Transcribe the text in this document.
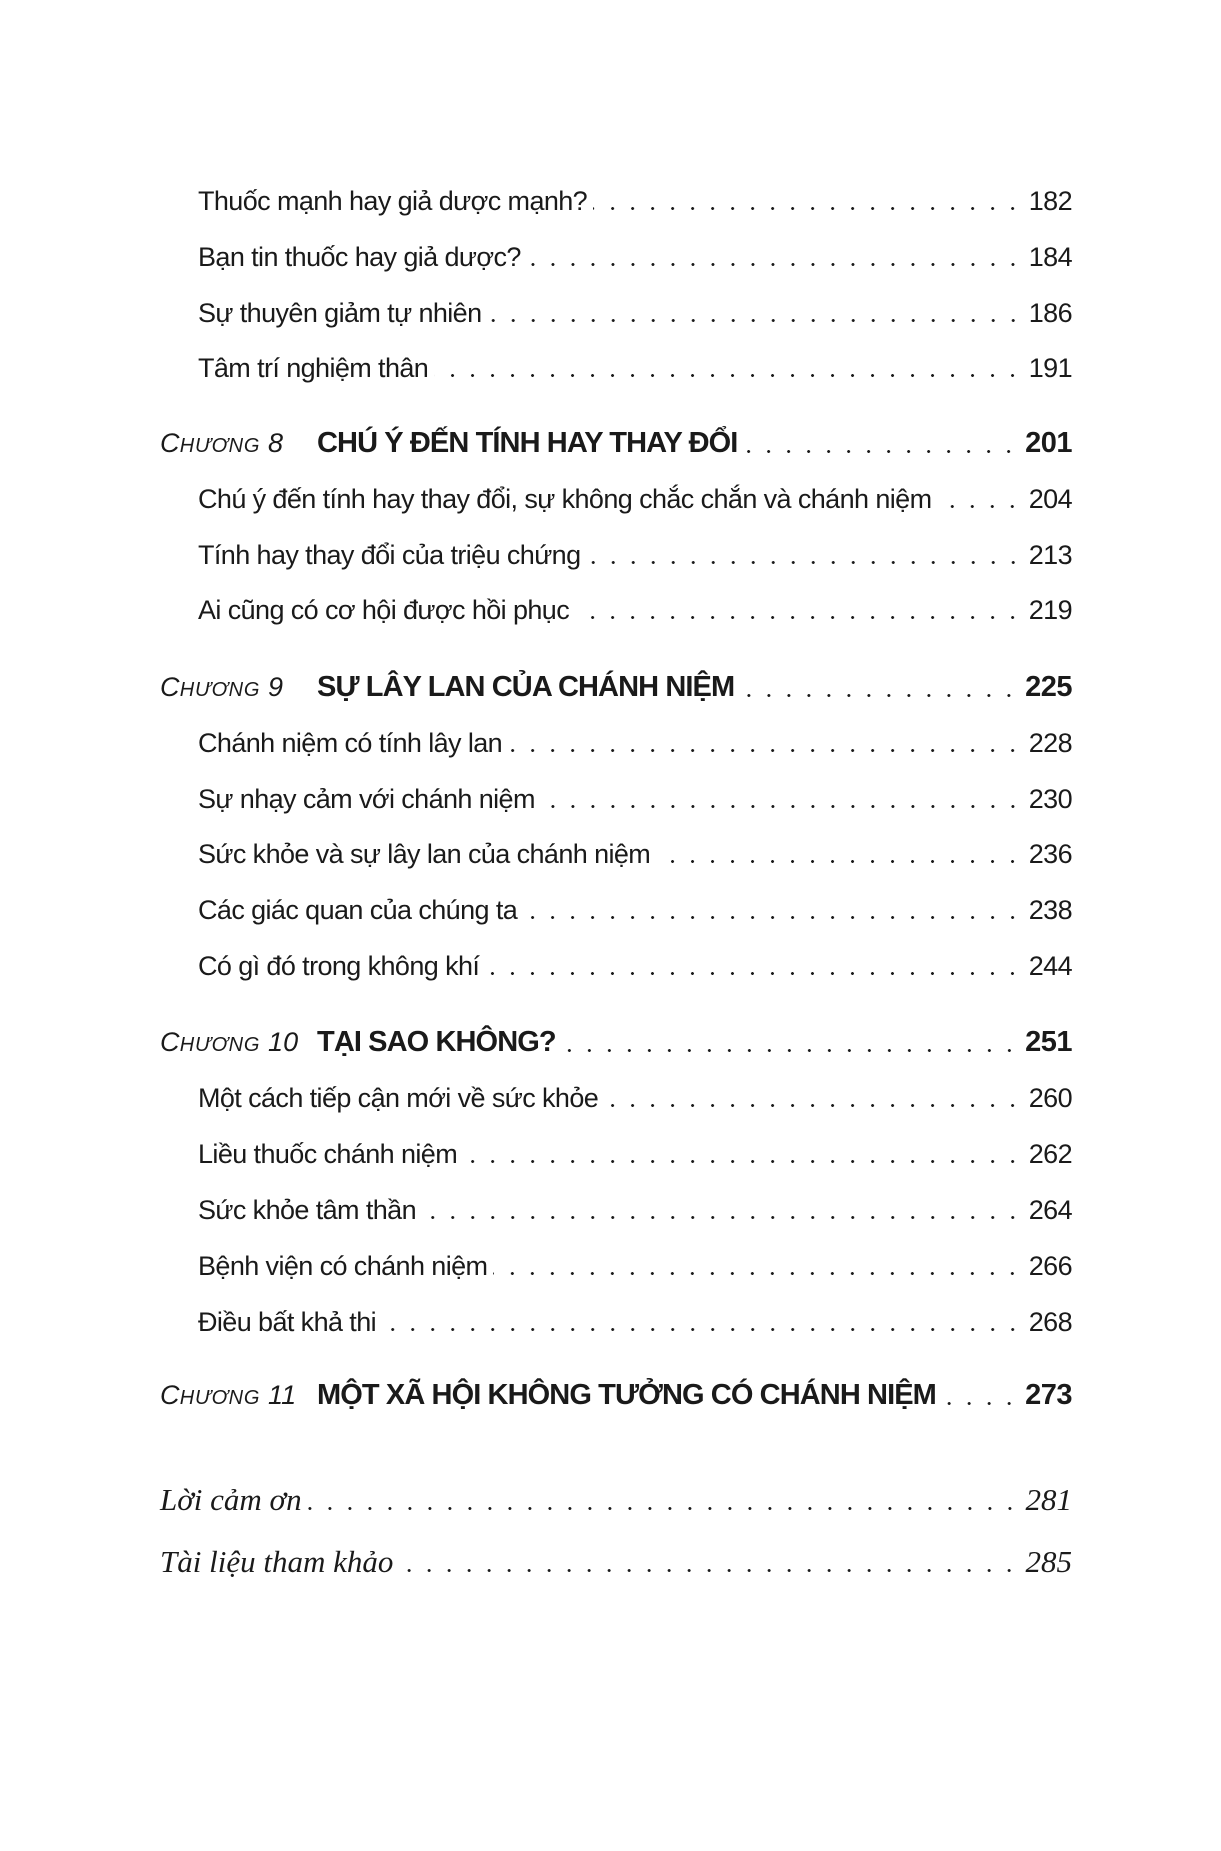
Thuốc mạnh hay giả dược mạnh?	182
Bạn tin thuốc hay giả dược?	184
Sự thuyên giảm tự nhiên	186
Tâm trí nghiệm thân	191
CHƯƠNG 8	CHÚ Ý ĐẾN TÍNH HAY THAY ĐỔI	201
Chú ý đến tính hay thay đổi, sự không chắc chắn và chánh niệm	204
Tính hay thay đổi của triệu chứng	213
Ai cũng có cơ hội được hồi phục	219
CHƯƠNG 9	SỰ LÂY LAN CỦA CHÁNH NIỆM	225
Chánh niệm có tính lây lan	228
Sự nhạy cảm với chánh niệm	230
Sức khỏe và sự lây lan của chánh niệm	236
Các giác quan của chúng ta	238
Có gì đó trong không khí	244
CHƯƠNG 10 TẠI SAO KHÔNG?	251
Một cách tiếp cận mới về sức khỏe	260
Liều thuốc chánh niệm	262
Sức khỏe tâm thần	264
Bệnh viện có chánh niệm	266
Điều bất khả thi	268
CHƯƠNG 11 MỘT XÃ HỘI KHÔNG TƯỞNG CÓ CHÁNH NIỆM	273
Lời cảm ơn	281
Tài liệu tham khảo	285
